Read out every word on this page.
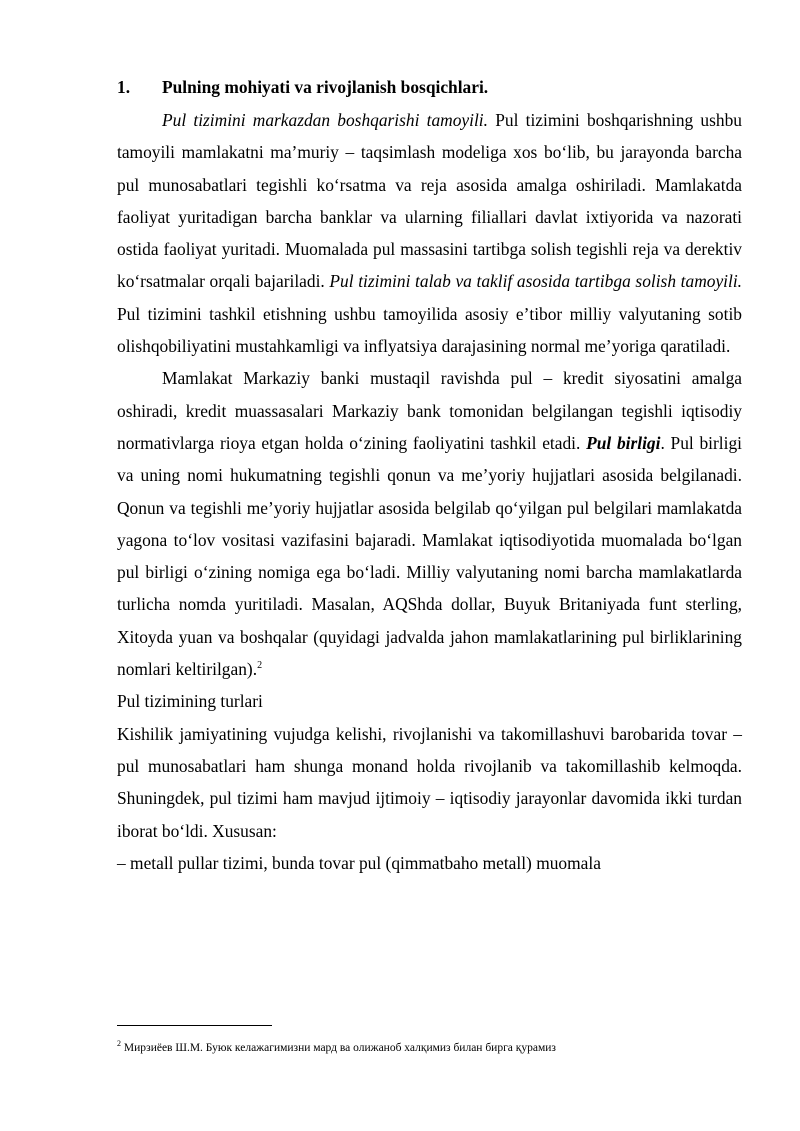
1. Pulning mohiyati va rivojlanish bosqichlari.

Pul tizimini markazdan boshqarishi tamoyili. Pul tizimini boshqarishning ushbu tamoyili mamlakatni maʼmuriy – taqsimlash modeliga xos bo‘lib, bu jarayonda barcha pul munosabatlari tegishli ko‘rsatma va reja asosida amalga oshiriladi. Mamlakatda faoliyat yuritadigan barcha banklar va ularning filiallari davlat ixtiyorida va nazorati ostida faoliyat yuritadi. Muomalada pul massasini tartibga solish tegishli reja va derektiv ko‘rsatmalar orqali bajariladi. Pul tizimini talab va taklif asosida tartibga solish tamoyili. Pul tizimini tashkil etishning ushbu tamoyilida asosiy eʼtibor milliy valyutaning sotib olishqobiliyatini mustahkamligi va inflyatsiya darajasining normal meʼyoriga qaratiladi.

Mamlakat Markaziy banki mustaqil ravishda pul – kredit siyosatini amalga oshiradi, kredit muassasalari Markaziy bank tomonidan belgilangan tegishli iqtisodiy normativlarga rioya etgan holda o‘zining faoliyatini tashkil etadi. Pul birligi. Pul birligi va uning nomi hukumatning tegishli qonun va meʼyoriy hujjatlari asosida belgilanadi. Qonun va tegishli meʼyoriy hujjatlar asosida belgilab qo‘yilgan pul belgilari mamlakatda yagona to‘lov vositasi vazifasini bajaradi. Mamlakat iqtisodiyotida muomalada bo‘lgan pul birligi o‘zining nomiga ega bo‘ladi. Milliy valyutaning nomi barcha mamlakatlarda turlicha nomda yuritiladi. Masalan, AQShda dollar, Buyuk Britaniyada funt sterling, Xitoyda yuan va boshqalar (quyidagi jadvalda jahon mamlakatlarining pul birliklarining nomlari keltirilgan).$^2$

Pul tizimining turlari

Kishilik jamiyatining vujudga kelishi, rivojlanishi va takomillashuvi barobarida tovar – pul munosabatlari ham shunga monand holda rivojlanib va takomillashib kelmoqda. Shuningdek, pul tizimi ham mavjud ijtimoiy – iqtisodiy jarayonlar davomida ikki turdan iborat bo‘ldi. Xususan:

– metall pullar tizimi, bunda tovar pul (qimmatbaho metall) muomala

$^2$ Мирзиёев Ш.М. Буюк келажагимизни мард ва олижаноб халқимиз билан бирга қурамиз
